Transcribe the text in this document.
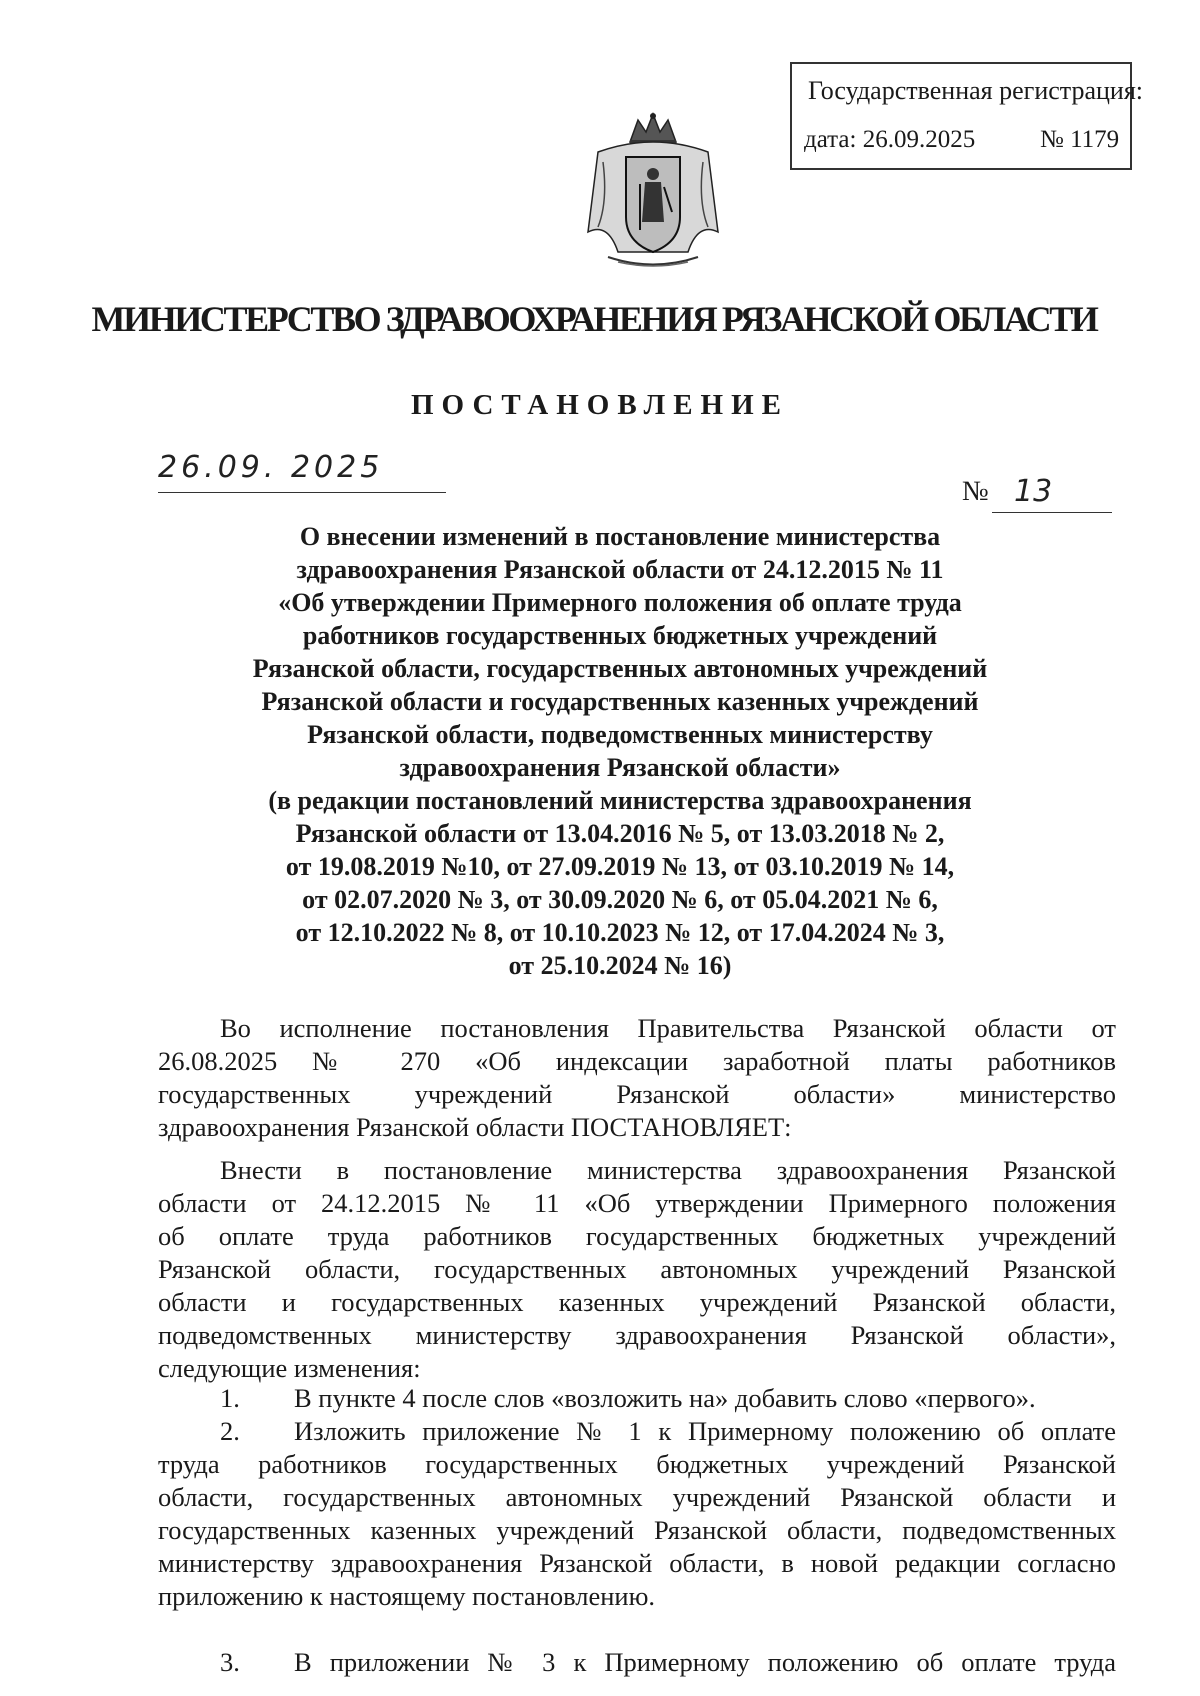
Государственная регистрация:
дата: 26.09.2025	№ 1179
МИНИСТЕРСТВО ЗДРАВООХРАНЕНИЯ РЯЗАНСКОЙ ОБЛАСТИ
ПОСТАНОВЛЕНИЕ
26.09. 2025
№ 13
О внесении изменений в постановление министерства
здравоохранения Рязанской области от 24.12.2015 № 11
«Об утверждении Примерного положения об оплате труда
работников государственных бюджетных учреждений
Рязанской области, государственных автономных учреждений
Рязанской области и государственных казенных учреждений
Рязанской области, подведомственных министерству
здравоохранения Рязанской области»
(в редакции постановлений министерства здравоохранения
Рязанской области от 13.04.2016 № 5, от 13.03.2018 № 2,
от 19.08.2019 №10, от 27.09.2019 № 13, от 03.10.2019 № 14,
от 02.07.2020 № 3, от 30.09.2020 № 6, от 05.04.2021 № 6,
от 12.10.2022 № 8, от 10.10.2023 № 12, от 17.04.2024 № 3,
от 25.10.2024 № 16)
Во исполнение постановления Правительства Рязанской области от
26.08.2025 № 270 «Об индексации заработной платы работников
государственных учреждений Рязанской области» министерство
здравоохранения Рязанской области ПОСТАНОВЛЯЕТ:
Внести в постановление министерства здравоохранения Рязанской
области от 24.12.2015 № 11 «Об утверждении Примерного положения
об оплате труда работников государственных бюджетных учреждений
Рязанской области, государственных автономных учреждений Рязанской
области и государственных казенных учреждений Рязанской области,
подведомственных министерству здравоохранения Рязанской области»,
следующие изменения:
1. В пункте 4 после слов «возложить на» добавить слово «первого».
2. Изложить приложение № 1 к Примерному положению об оплате
труда работников государственных бюджетных учреждений Рязанской
области, государственных автономных учреждений Рязанской области и
государственных казенных учреждений Рязанской области, подведомственных
министерству здравоохранения Рязанской области, в новой редакции согласно
приложению к настоящему постановлению.
3. В приложении № 3 к Примерному положению об оплате труда
